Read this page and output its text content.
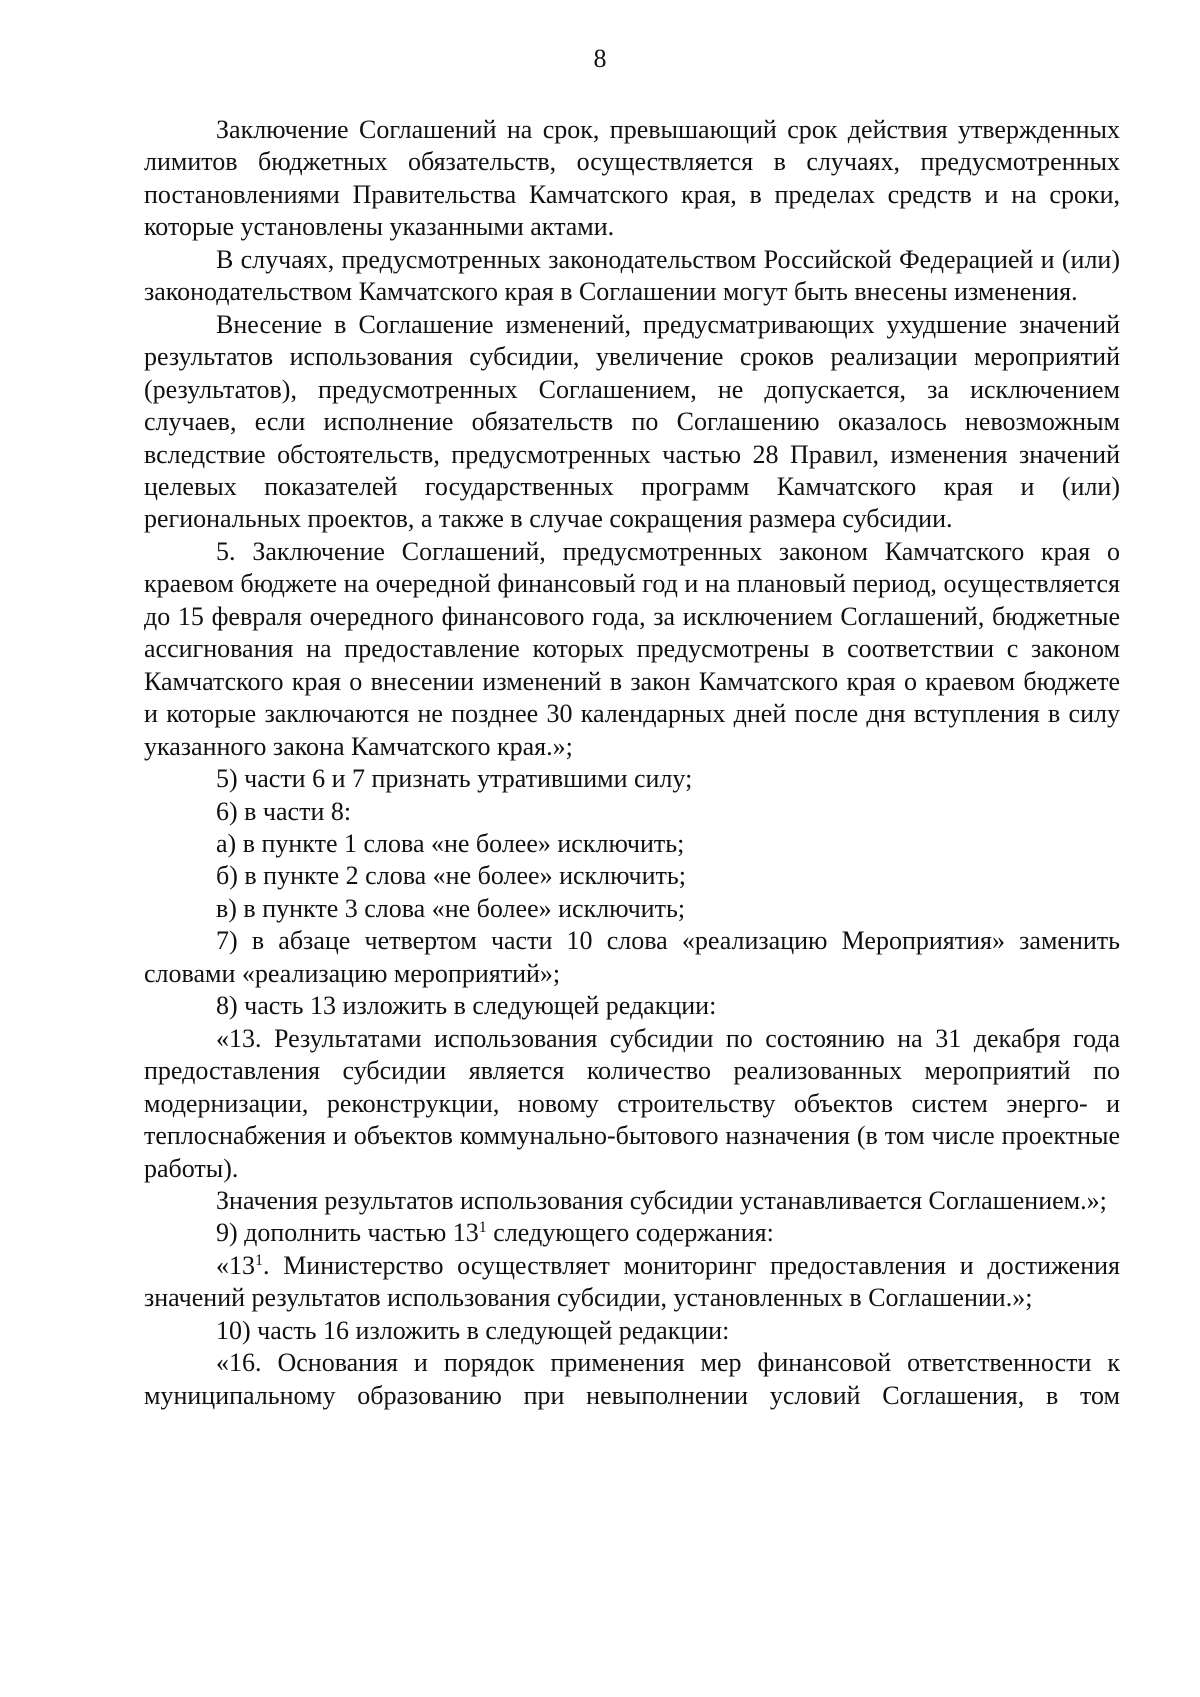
8

Заключение Соглашений на срок, превышающий срок действия утвержденных лимитов бюджетных обязательств, осуществляется в случаях, предусмотренных постановлениями Правительства Камчатского края, в пределах средств и на сроки, которые установлены указанными актами.

В случаях, предусмотренных законодательством Российской Федерацией и (или) законодательством Камчатского края в Соглашении могут быть внесены изменения.

Внесение в Соглашение изменений, предусматривающих ухудшение значений результатов использования субсидии, увеличение сроков реализации мероприятий (результатов), предусмотренных Соглашением, не допускается, за исключением случаев, если исполнение обязательств по Соглашению оказалось невозможным вследствие обстоятельств, предусмотренных частью 28 Правил, изменения значений целевых показателей государственных программ Камчатского края и (или) региональных проектов, а также в случае сокращения размера субсидии.

5. Заключение Соглашений, предусмотренных законом Камчатского края о краевом бюджете на очередной финансовый год и на плановый период, осуществляется до 15 февраля очередного финансового года, за исключением Соглашений, бюджетные ассигнования на предоставление которых предусмотрены в соответствии с законом Камчатского края о внесении изменений в закон Камчатского края о краевом бюджете и которые заключаются не позднее 30 календарных дней после дня вступления в силу указанного закона Камчатского края.»;

5) части 6 и 7 признать утратившими силу;

6) в части 8:

а) в пункте 1 слова «не более» исключить;

б) в пункте 2 слова «не более» исключить;

в) в пункте 3 слова «не более» исключить;

7) в абзаце четвертом части 10 слова «реализацию Мероприятия» заменить словами «реализацию мероприятий»;

8) часть 13 изложить в следующей редакции:

«13. Результатами использования субсидии по состоянию на 31 декабря года предоставления субсидии является количество реализованных мероприятий по модернизации, реконструкции, новому строительству объектов систем энерго- и теплоснабжения и объектов коммунально-бытового назначения (в том числе проектные работы).

Значения результатов использования субсидии устанавливается Соглашением.»;

9) дополнить частью $13^1$ следующего содержания:

«$13^1$. Министерство осуществляет мониторинг предоставления и достижения значений результатов использования субсидии, установленных в Соглашении.»;

10) часть 16 изложить в следующей редакции:

«16. Основания и порядок применения мер финансовой ответственности к муниципальному образованию при невыполнении условий Соглашения, в том
